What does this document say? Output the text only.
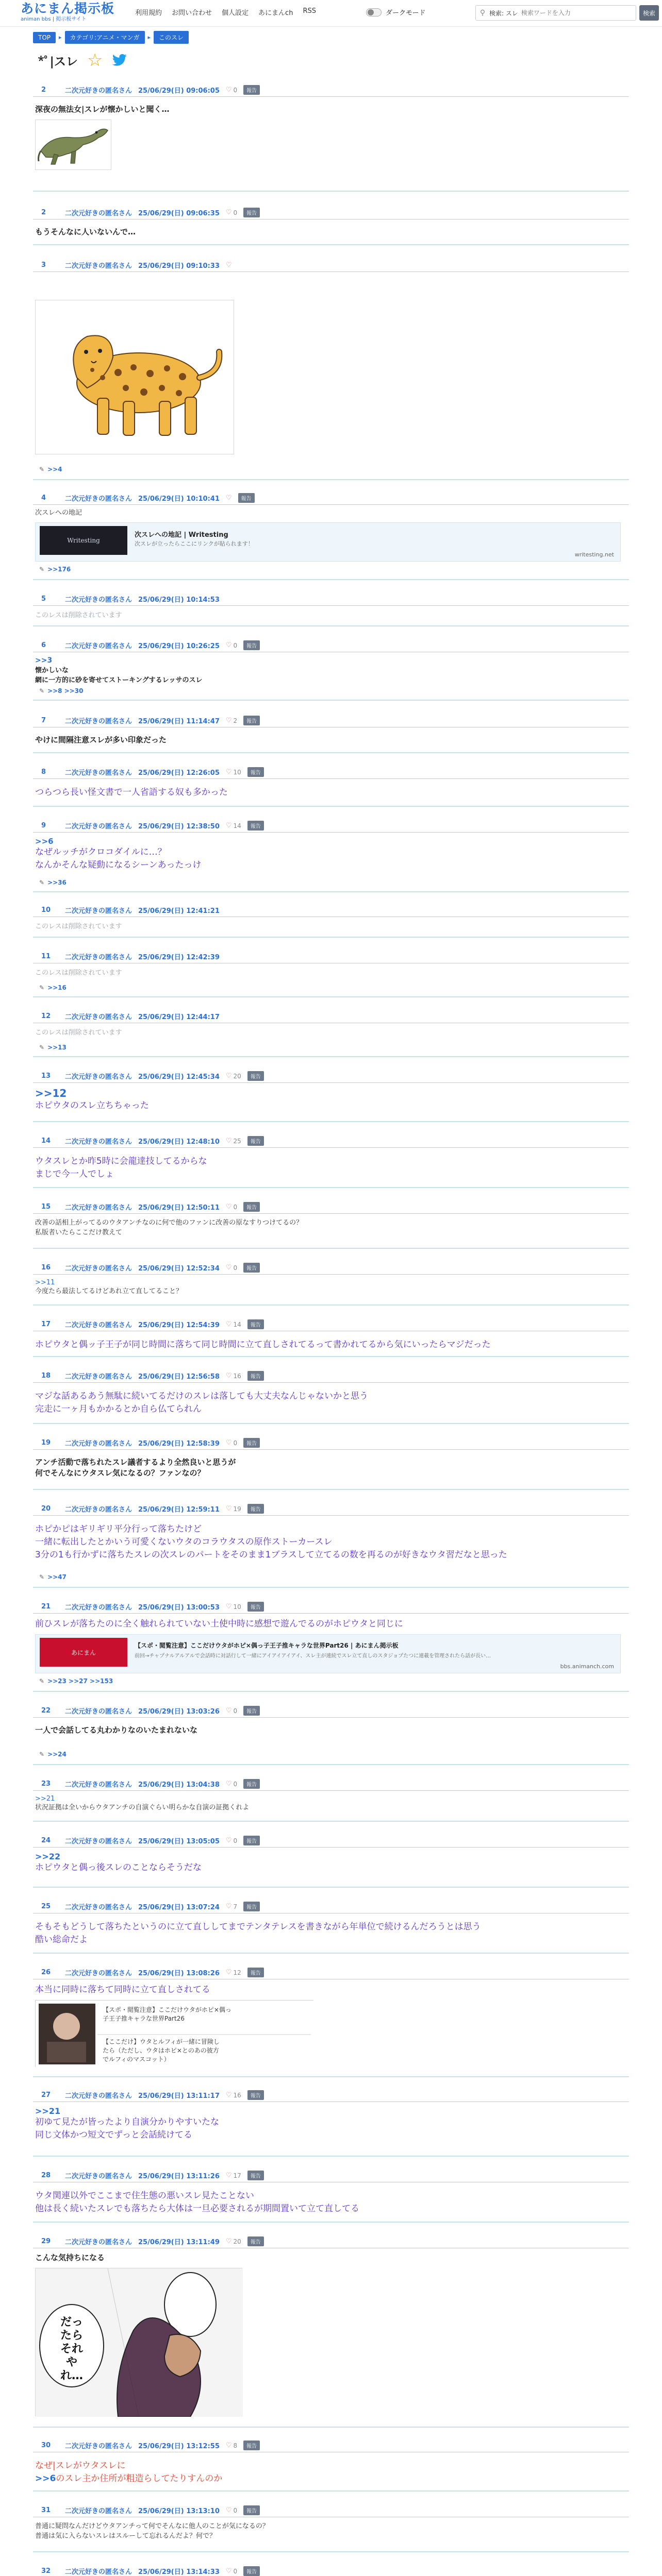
あにまん掲示板
animan bbs | 掲示板サイト
利用規約 お問い合わせ 個人設定 あにまんch RSS	ダークモード	⚲ 検索: スレ
検索ワードを入力	検索
TOP	▸	カテゴリ:アニメ・マンガ	▸	このスレ
*ﾟ|スレ ☆
2	二次元好きの匿名さん 25/06/29(日) 09:06:05 ♡ 0	報告
深夜の無法女|スレが懐かしいと聞く…
2	二次元好きの匿名さん 25/06/29(日) 09:06:35 ♡ 0	報告
もうそんなに人いないんで…
3	二次元好きの匿名さん 25/06/29(日) 09:10:33 ♡
✎ >>4
4	二次元好きの匿名さん 25/06/29(日) 10:10:41 ♡	報告
次スレへの地記
Writesting
次スレへの地記 | Writesting
次スレが立ったらここにリンクが貼られます！
writesting.net
✎ >>176
5	二次元好きの匿名さん 25/06/29(日) 10:14:53
このレスは削除されています
6	二次元好きの匿名さん 25/06/29(日) 10:26:25 ♡ 0	報告
>>3
懐かしいな
網に一方的に砂を寄せてストーキングするレッサのスレ
✎ >>8 >>30
7	二次元好きの匿名さん 25/06/29(日) 11:14:47 ♡ 2	報告
やけに間隔注意スレが多い印象だった
8	二次元好きの匿名さん 25/06/29(日) 12:26:05 ♡ 10	報告
つらつら長い怪文書で一人省語する奴も多かった
9	二次元好きの匿名さん 25/06/29(日) 12:38:50 ♡ 14	報告
>>6
なぜルッチがクロコダイルに…？
なんかそんな疑動になるシーンあったっけ
✎ >>36
10	二次元好きの匿名さん 25/06/29(日) 12:41:21
このレスは削除されています
11	二次元好きの匿名さん 25/06/29(日) 12:42:39
このレスは削除されています
✎ >>16
12	二次元好きの匿名さん 25/06/29(日) 12:44:17
このレスは削除されています
✎ >>13
13	二次元好きの匿名さん 25/06/29(日) 12:45:34 ♡ 20	報告
>>12
ホピウタのスレ立ちちゃった
14	二次元好きの匿名さん 25/06/29(日) 12:48:10 ♡ 25	報告
ウタスレとか昨5時に会龍達技してるからな
まじで今一人でしょ
15	二次元好きの匿名さん 25/06/29(日) 12:50:11 ♡ 0	報告
改善の話相上がってるのウタアンチなのに何で他のファンに改善の原なすりつけてるの？
私版者いたらここだけ教えて
16	二次元好きの匿名さん 25/06/29(日) 12:52:34 ♡ 0	報告
>>11
今度たら最法してるけどあれ立て直してること？
17	二次元好きの匿名さん 25/06/29(日) 12:54:39 ♡ 14	報告
ホピウタと偶ッ子王子が同じ時間に落ちて同じ時間に立て直しされてるって書かれてるから気にいったらマジだった
18	二次元好きの匿名さん 25/06/29(日) 12:56:58 ♡ 16	報告
マジな話あるあう無駄に続いてるだけのスレは落しても大丈夫なんじゃないかと思う
完走に一ヶ月もかかるとか自ら仏てられん
19	二次元好きの匿名さん 25/06/29(日) 12:58:39 ♡ 0	報告
アンチ活動で落ちれたスレ議者するより全然良いと思うが
何でそんなにウタスレ気になるの？ファンなの？
20	二次元好きの匿名さん 25/06/29(日) 12:59:11 ♡ 19	報告
ホピかピはギリギリ平分行って落ちたけど
一緒に転出したとかいう可愛くないウタのコラウタスの原作ストーカースレ
3分の1も行かずに落ちたスレの次スレのパートをそのまま1ブラスして立てるの数を再るのが好きなウタ習だなと思った
✎ >>47
21	二次元好きの匿名さん 25/06/29(日) 13:00:53 ♡ 10	報告
前ひスレが落ちたのに全く触れられていない土使中時に感想で遊んでるのがホピウタと同じに
あにまん
【スポ・閲覧注意】ここだけウタがホピ×偶っ子王子推キャラな世界Part26 | あにまん掲示板
前回→チャプナルアルアルで会話時に対話行して一緒にアイアイアイアイ、スレ主が連続でスレ立て直しのスタジョプたつに連載を管理されたら話が長い…
bbs.animanch.com
✎ >>23 >>27 >>153
22	二次元好きの匿名さん 25/06/29(日) 13:03:26 ♡ 0	報告
一人で会話してる丸わかりなのいたまれないな
✎ >>24
23	二次元好きの匿名さん 25/06/29(日) 13:04:38 ♡ 0	報告
>>21
状況証拠は全いからウタアンチの自演ぐらい明らかな自演の証拠くれよ
24	二次元好きの匿名さん 25/06/29(日) 13:05:05 ♡ 0	報告
>>22
ホピウタと偶っ後スレのことならそうだな
25	二次元好きの匿名さん 25/06/29(日) 13:07:24 ♡ 7	報告
そもそもどうして落ちたというのに立て直ししてまでテンタテレスを書きながら年単位で続けるんだろうとは思う
酷い総命だよ
26	二次元好きの匿名さん 25/06/29(日) 13:08:26 ♡ 12	報告
本当に同時に落ちて同時に立て直しされてる
【スポ・閲覧注意】ここだけウタがホピ×偶っ
子王子推キャラな世界Part26
【ここだけ】ウタとルフィが一緒に冒険し
たら（ただし、ウタはホピ×とのあの彼方
でルフィのマスコット）
27	二次元好きの匿名さん 25/06/29(日) 13:11:17 ♡ 16	報告
>>21
初ゆて見たが皆ったより自演分かりやすいたな
同じ文体かつ短文でずっと会話続けてる
28	二次元好きの匿名さん 25/06/29(日) 13:11:26 ♡ 17	報告
ウタ関連以外でここまで住生態の悪いスレ見たことない
他は長く続いたスレでも落ちたら大体は一旦必要されるが期間置いて立て直してる
29	二次元好きの匿名さん 25/06/29(日) 13:11:49 ♡ 20	報告
こんな気持ちになる
だったら
それ
やれ…
30	二次元好きの匿名さん 25/06/29(日) 13:12:55 ♡ 8	報告
なぜ|スレがウタスレに
>>6のスレ主か住所が粗造らしてたりすんのか
31	二次元好きの匿名さん 25/06/29(日) 13:13:10 ♡ 0	報告
普通に疑問なんだけどウタアンチって何でそんなに他人のことが気になるの？
普通は気に入らないスレはスルーして忘れるんだよ？何で？
32	二次元好きの匿名さん 25/06/29(日) 13:14:33 ♡ 0	報告
